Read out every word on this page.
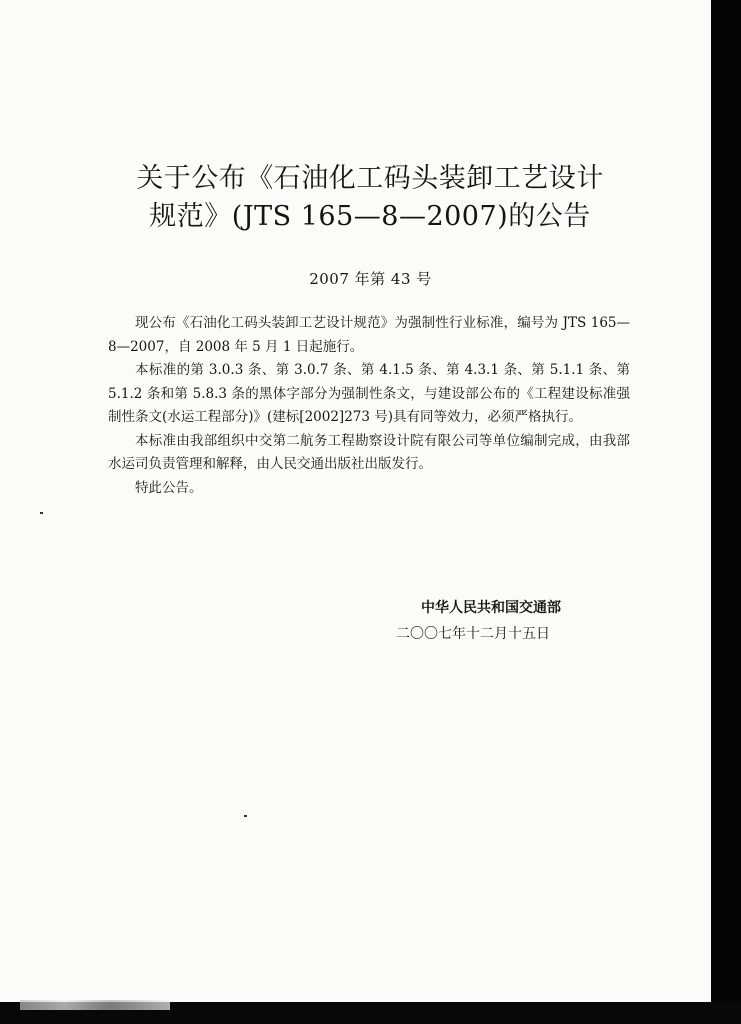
关于公布《石油化工码头装卸工艺设计
规范》(JTS 165—8—2007)的公告
2007 年第 43 号

现公布《石油化工码头装卸工艺设计规范》为强制性行业标准，编号为 JTS 165—8—2007，自 2008 年 5 月 1 日起施行。

本标准的第 3.0.3 条、第 3.0.7 条、第 4.1.5 条、第 4.3.1 条、第 5.1.1 条、第 5.1.2 条和第 5.8.3 条的黑体字部分为强制性条文，与建设部公布的《工程建设标准强制性条文(水运工程部分)》(建标[2002]273 号)具有同等效力，必须严格执行。

本标准由我部组织中交第二航务工程勘察设计院有限公司等单位编制完成，由我部水运司负责管理和解释，由人民交通出版社出版发行。

特此公告。

中华人民共和国交通部
二〇〇七年十二月十五日
